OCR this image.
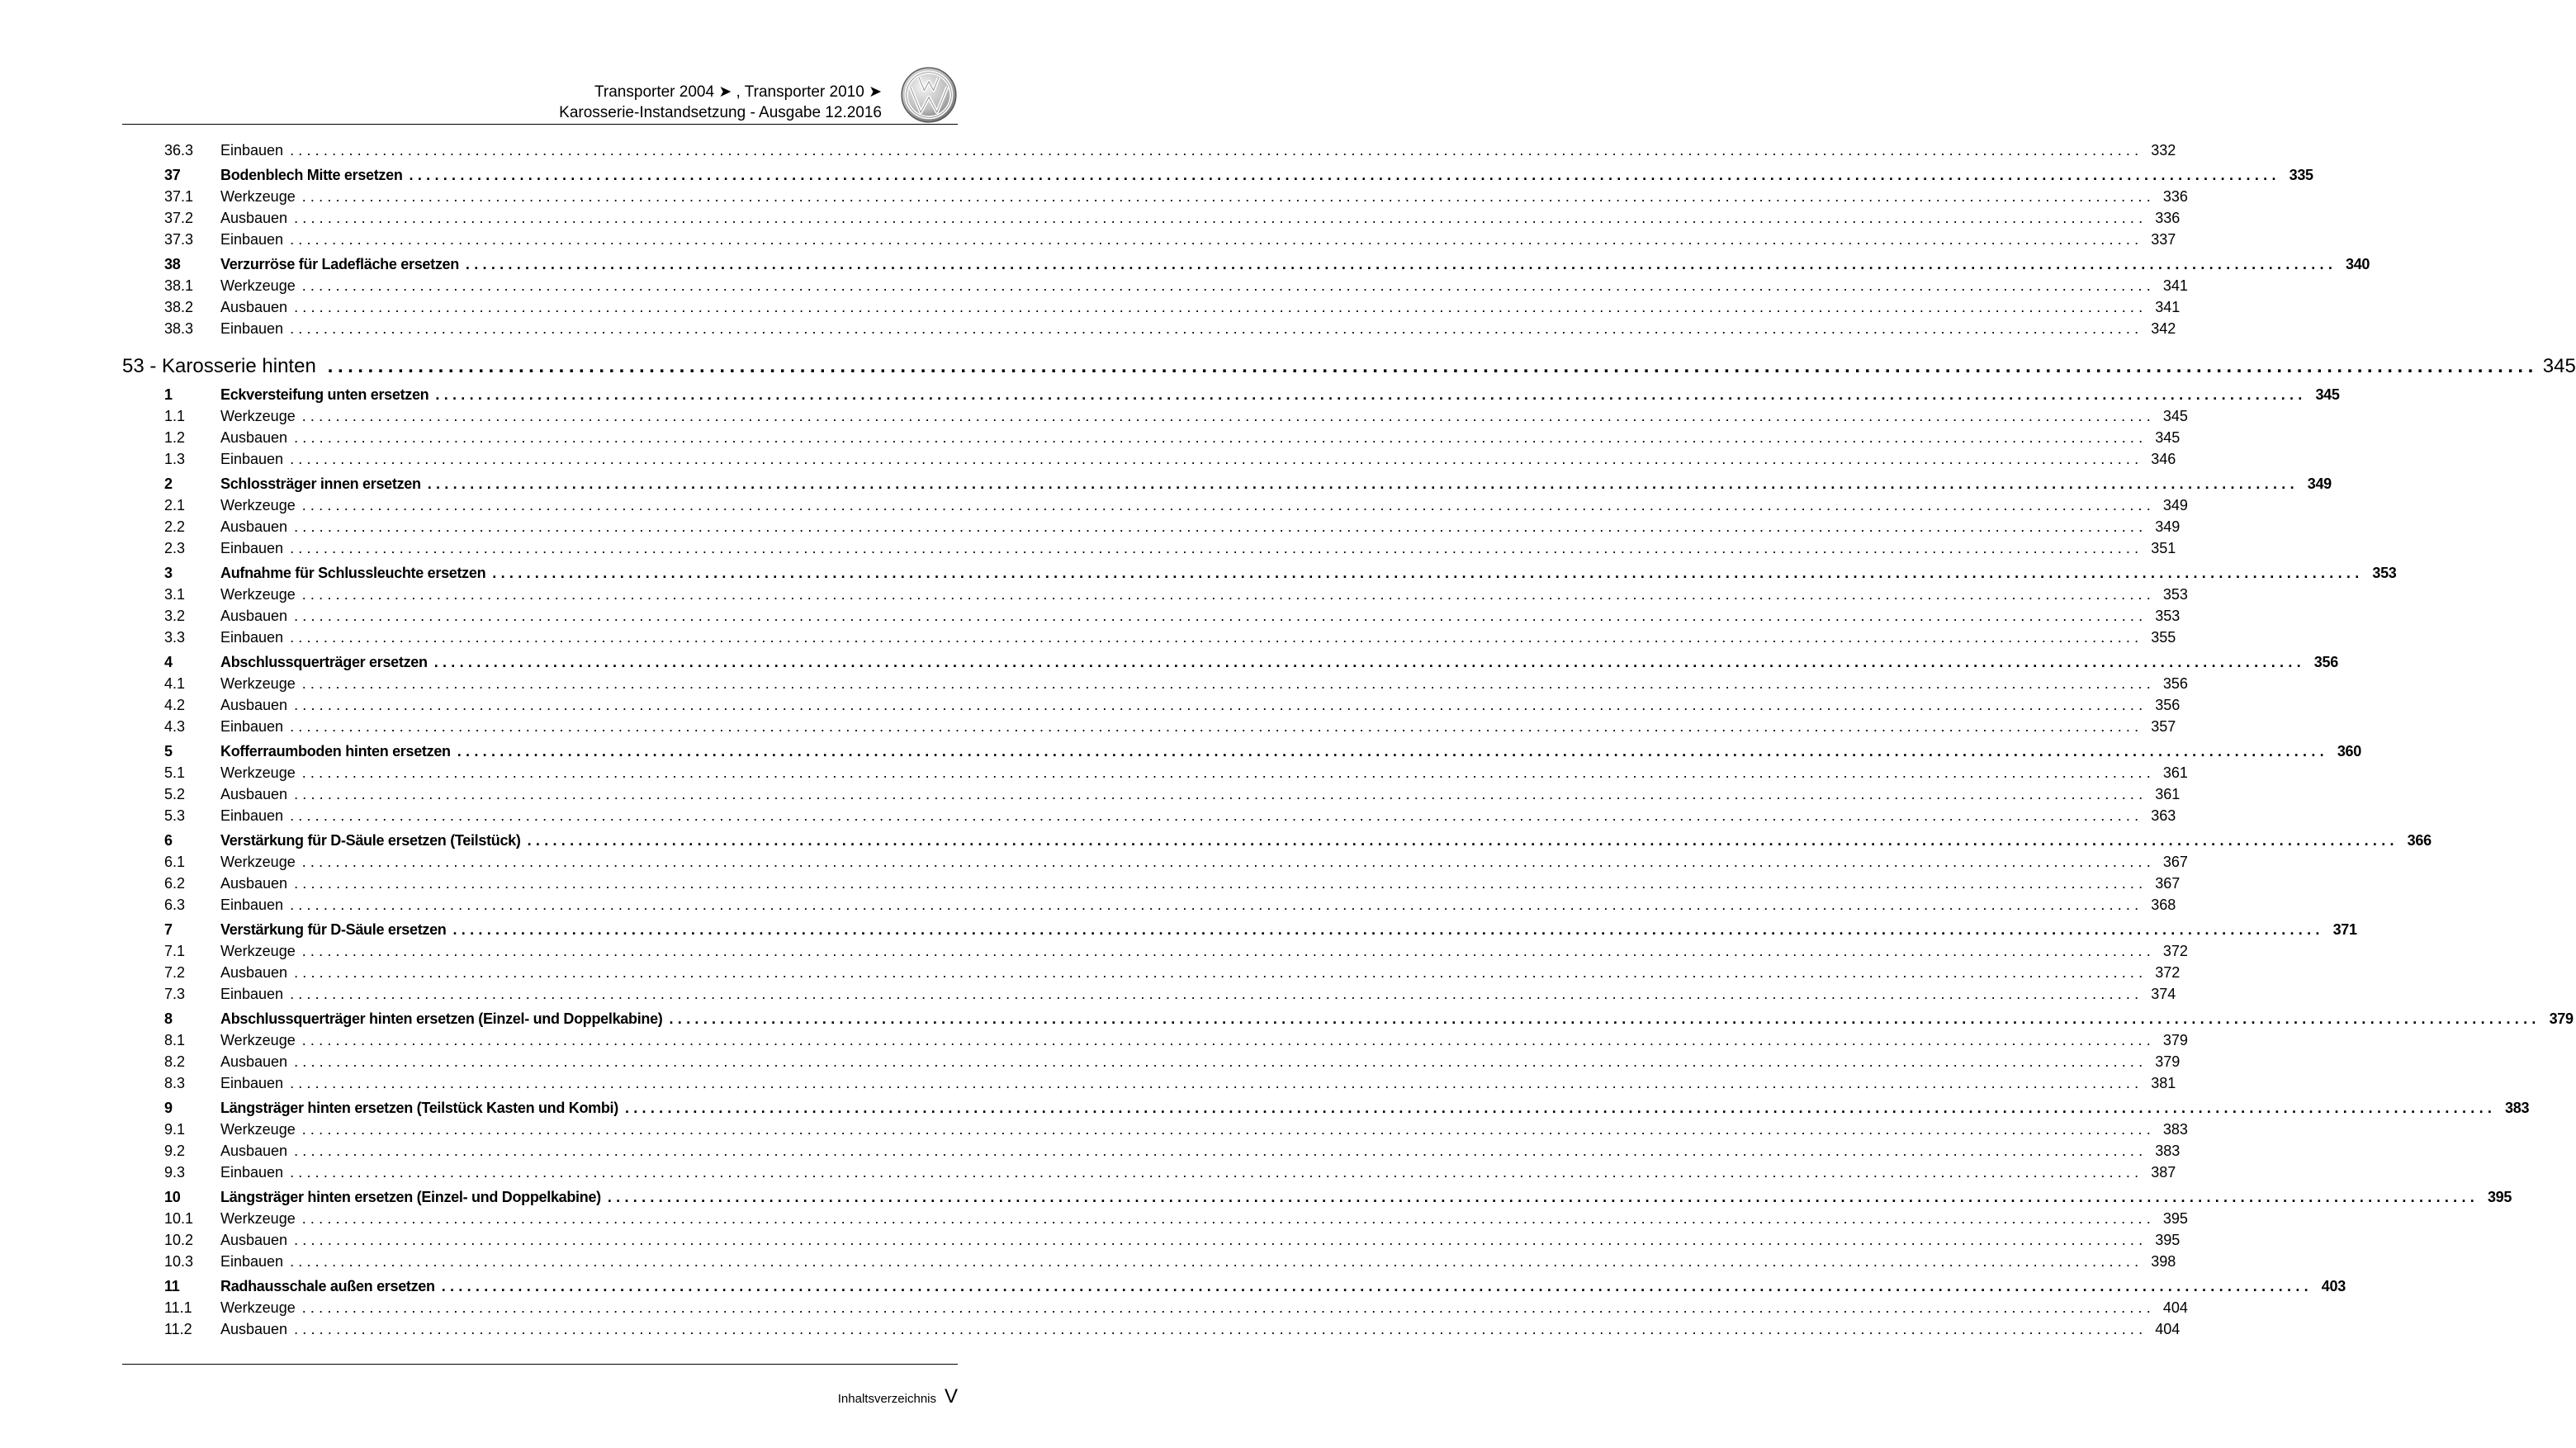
Transporter 2004 ➤ , Transporter 2010 ➤
Karosserie-Instandsetzung - Ausgabe 12.2016
36.3	Einbauen ............................................................................................................................................................................................................................ 332
37	Bodenblech Mitte ersetzen ............................................................................................................................................................................................................................ 335
37.1	Werkzeuge ............................................................................................................................................................................................................................ 336
37.2	Ausbauen ............................................................................................................................................................................................................................ 336
37.3	Einbauen ............................................................................................................................................................................................................................ 337
38	Verzurröse für Ladefläche ersetzen ............................................................................................................................................................................................................................ 340
38.1	Werkzeuge ............................................................................................................................................................................................................................ 341
38.2	Ausbauen ............................................................................................................................................................................................................................ 341
38.3	Einbauen ............................................................................................................................................................................................................................ 342
53 - Karosserie hinten ............................................................................................................................................................................................................................ 345
1	Eckversteifung unten ersetzen ............................................................................................................................................................................................................................ 345
1.1	Werkzeuge ............................................................................................................................................................................................................................ 345
1.2	Ausbauen ............................................................................................................................................................................................................................ 345
1.3	Einbauen ............................................................................................................................................................................................................................ 346
2	Schlossträger innen ersetzen ............................................................................................................................................................................................................................ 349
2.1	Werkzeuge ............................................................................................................................................................................................................................ 349
2.2	Ausbauen ............................................................................................................................................................................................................................ 349
2.3	Einbauen ............................................................................................................................................................................................................................ 351
3	Aufnahme für Schlussleuchte ersetzen ............................................................................................................................................................................................................................ 353
3.1	Werkzeuge ............................................................................................................................................................................................................................ 353
3.2	Ausbauen ............................................................................................................................................................................................................................ 353
3.3	Einbauen ............................................................................................................................................................................................................................ 355
4	Abschlussquerträger ersetzen ............................................................................................................................................................................................................................ 356
4.1	Werkzeuge ............................................................................................................................................................................................................................ 356
4.2	Ausbauen ............................................................................................................................................................................................................................ 356
4.3	Einbauen ............................................................................................................................................................................................................................ 357
5	Kofferraumboden hinten ersetzen ............................................................................................................................................................................................................................ 360
5.1	Werkzeuge ............................................................................................................................................................................................................................ 361
5.2	Ausbauen ............................................................................................................................................................................................................................ 361
5.3	Einbauen ............................................................................................................................................................................................................................ 363
6	Verstärkung für D-Säule ersetzen (Teilstück) ............................................................................................................................................................................................................................ 366
6.1	Werkzeuge ............................................................................................................................................................................................................................ 367
6.2	Ausbauen ............................................................................................................................................................................................................................ 367
6.3	Einbauen ............................................................................................................................................................................................................................ 368
7	Verstärkung für D-Säule ersetzen ............................................................................................................................................................................................................................ 371
7.1	Werkzeuge ............................................................................................................................................................................................................................ 372
7.2	Ausbauen ............................................................................................................................................................................................................................ 372
7.3	Einbauen ............................................................................................................................................................................................................................ 374
8	Abschlussquerträger hinten ersetzen (Einzel- und Doppelkabine) ............................................................................................................................................................................................................................ 379
8.1	Werkzeuge ............................................................................................................................................................................................................................ 379
8.2	Ausbauen ............................................................................................................................................................................................................................ 379
8.3	Einbauen ............................................................................................................................................................................................................................ 381
9	Längsträger hinten ersetzen (Teilstück Kasten und Kombi) ............................................................................................................................................................................................................................ 383
9.1	Werkzeuge ............................................................................................................................................................................................................................ 383
9.2	Ausbauen ............................................................................................................................................................................................................................ 383
9.3	Einbauen ............................................................................................................................................................................................................................ 387
10	Längsträger hinten ersetzen (Einzel- und Doppelkabine) ............................................................................................................................................................................................................................ 395
10.1	Werkzeuge ............................................................................................................................................................................................................................ 395
10.2	Ausbauen ............................................................................................................................................................................................................................ 395
10.3	Einbauen ............................................................................................................................................................................................................................ 398
11	Radhausschale außen ersetzen ............................................................................................................................................................................................................................ 403
11.1	Werkzeuge ............................................................................................................................................................................................................................ 404
11.2	Ausbauen ............................................................................................................................................................................................................................ 404
Inhaltsverzeichnis V
